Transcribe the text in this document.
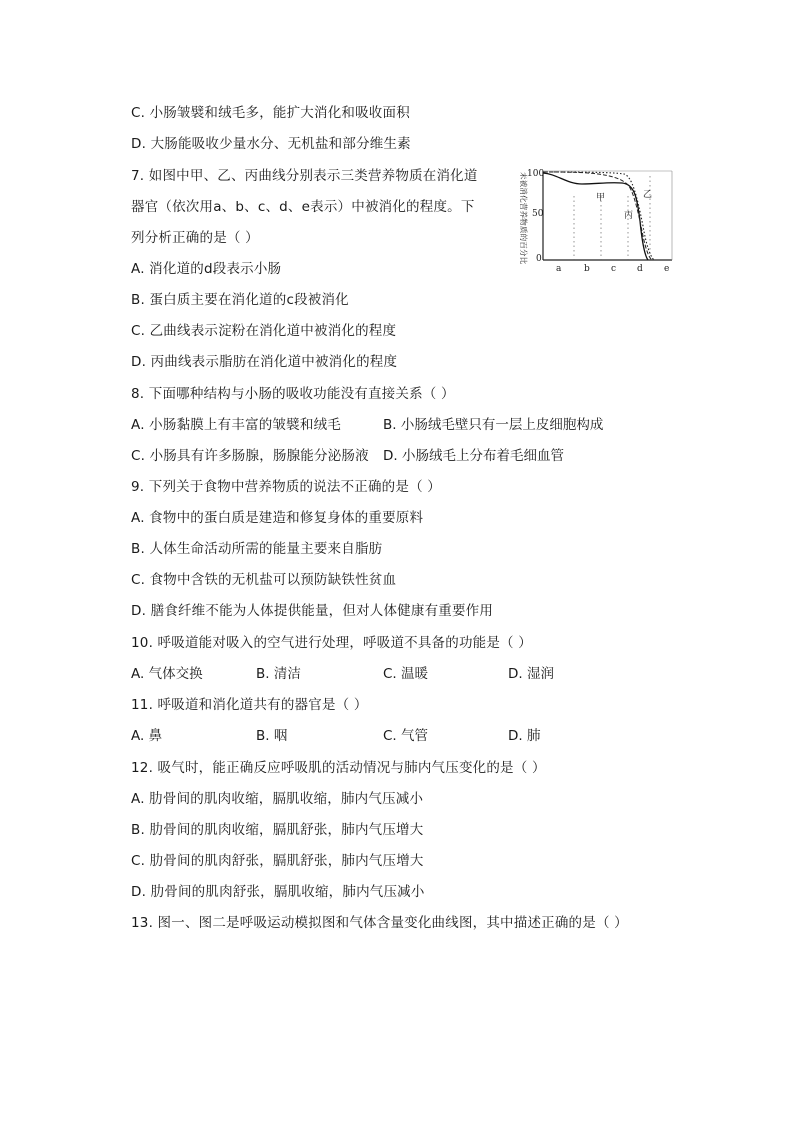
C. 小肠皱襞和绒毛多，能扩大消化和吸收面积
D. 大肠能吸收少量水分、无机盐和部分维生素
7. 如图中甲、乙、丙曲线分别表示三类营养物质在消化道
器官（依次用a、b、c、d、e表示）中被消化的程度。下
列分析正确的是（ ）
A. 消化道的d段表示小肠
B. 蛋白质主要在消化道的c段被消化
C. 乙曲线表示淀粉在消化道中被消化的程度
D. 丙曲线表示脂肪在消化道中被消化的程度
8. 下面哪种结构与小肠的吸收功能没有直接关系（ ）
A. 小肠黏膜上有丰富的皱襞和绒毛	B. 小肠绒毛壁只有一层上皮细胞构成
C. 小肠具有许多肠腺，肠腺能分泌肠液 D. 小肠绒毛上分布着毛细血管
9. 下列关于食物中营养物质的说法不正确的是（ ）
A. 食物中的蛋白质是建造和修复身体的重要原料
B. 人体生命活动所需的能量主要来自脂肪
C. 食物中含铁的无机盐可以预防缺铁性贫血
D. 膳食纤维不能为人体提供能量，但对人体健康有重要作用
10. 呼吸道能对吸入的空气进行处理，呼吸道不具备的功能是（ ）
A. 气体交换	B. 清洁	C. 温暖	D. 湿润
11. 呼吸道和消化道共有的器官是（ ）
A. 鼻	B. 咽	C. 气管	D. 肺
12. 吸气时，能正确反应呼吸肌的活动情况与肺内气压变化的是（ ）
A. 肋骨间的肌肉收缩，膈肌收缩，肺内气压减小
B. 肋骨间的肌肉收缩，膈肌舒张，肺内气压增大
C. 肋骨间的肌肉舒张，膈肌舒张，肺内气压增大
D. 肋骨间的肌肉舒张，膈肌收缩，肺内气压减小
13. 图一、图二是呼吸运动模拟图和气体含量变化曲线图，其中描述正确的是（ ）
未被消化营养物质的百分比 100
50
0
甲	乙
丙
a	b c d e
